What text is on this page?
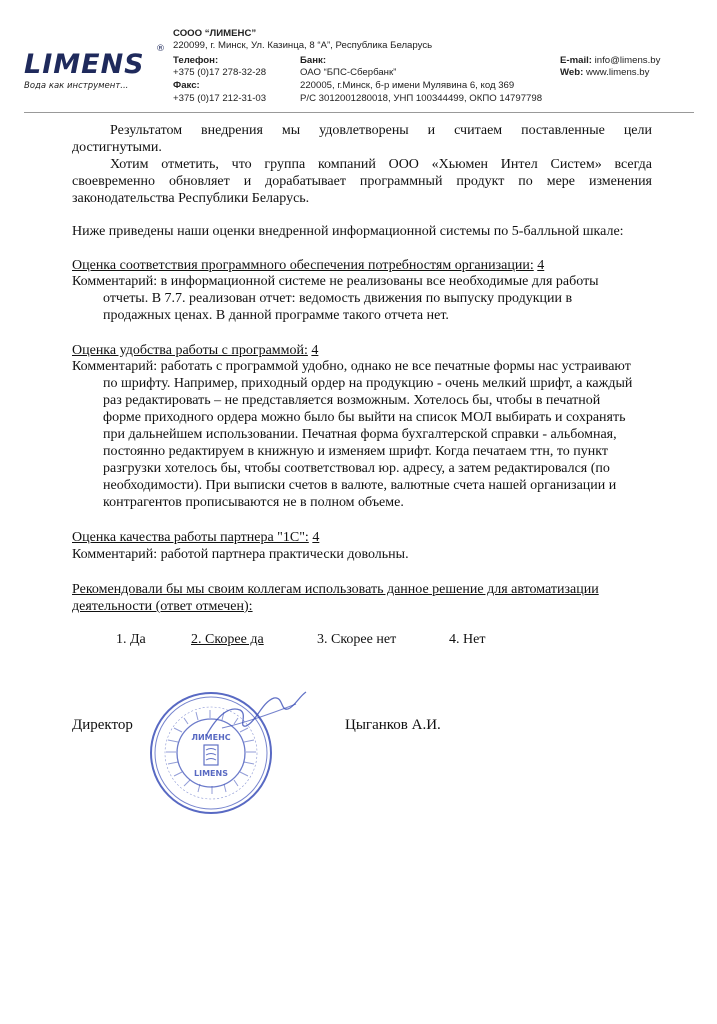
LIMENS	®
Вода как инструмент...
СООО “ЛИМЕНС”
220099, г. Минск, Ул. Казинца, 8 “А”, Республика Беларусь
Телефон:
+375 (0)17 278-32-28
Факс:
+375 (0)17 212-31-03
Банк:
ОАО “БПС-Сбербанк”
220005, г.Минск, б-р имени Мулявина 6, код 369
Р/С 3012001280018, УНП 100344499, ОКПО 14797798
E-mail: info@limens.by
Web: www.limens.by
Результатом внедрения мы удовлетворены и считаем поставленные цели
достигнутыми.
Хотим отметить, что группа компаний ООО «Хьюмен Интел Систем» всегда
своевременно обновляет и дорабатывает программный продукт по мере изменения
законодательства Республики Беларусь.
Ниже приведены наши оценки внедренной информационной системы по 5-балльной шкале:
Оценка соответствия программного обеспечения потребностям организации: 4
Комментарий: в информационной системе не реализованы все необходимые для работы
отчеты. В 7.7. реализован отчет: ведомость движения по выпуску продукции в
продажных ценах. В данной программе такого отчета нет.
Оценка удобства работы с программой: 4
Комментарий: работать с программой удобно, однако не все печатные формы нас устраивают
по шрифту. Например, приходный ордер на продукцию - очень мелкий шрифт, а каждый
раз редактировать – не представляется возможным. Хотелось бы, чтобы в печатной
форме приходного ордера можно было бы выйти на список МОЛ выбирать и сохранять
при дальнейшем использовании. Печатная форма бухгалтерской справки - альбомная,
постоянно редактируем в книжную и изменяем шрифт. Когда печатаем ттн, то пункт
разгрузки хотелось бы, чтобы соответствовал юр. адресу, а затем редактировался (по
необходимости). При выписки счетов в валюте, валютные счета нашей организации и
контрагентов прописываются не в полном объеме.
Оценка качества работы партнера "1С": 4
Комментарий: работой партнера практически довольны.
Рекомендовали бы мы своим коллегам использовать данное решение для автоматизации
деятельности (ответ отмечен):
1. Да	2. Скорее да	3. Скорее нет	4. Нет
Директор	Цыганков А.И.
ЛИМЕНС
LIMENS
